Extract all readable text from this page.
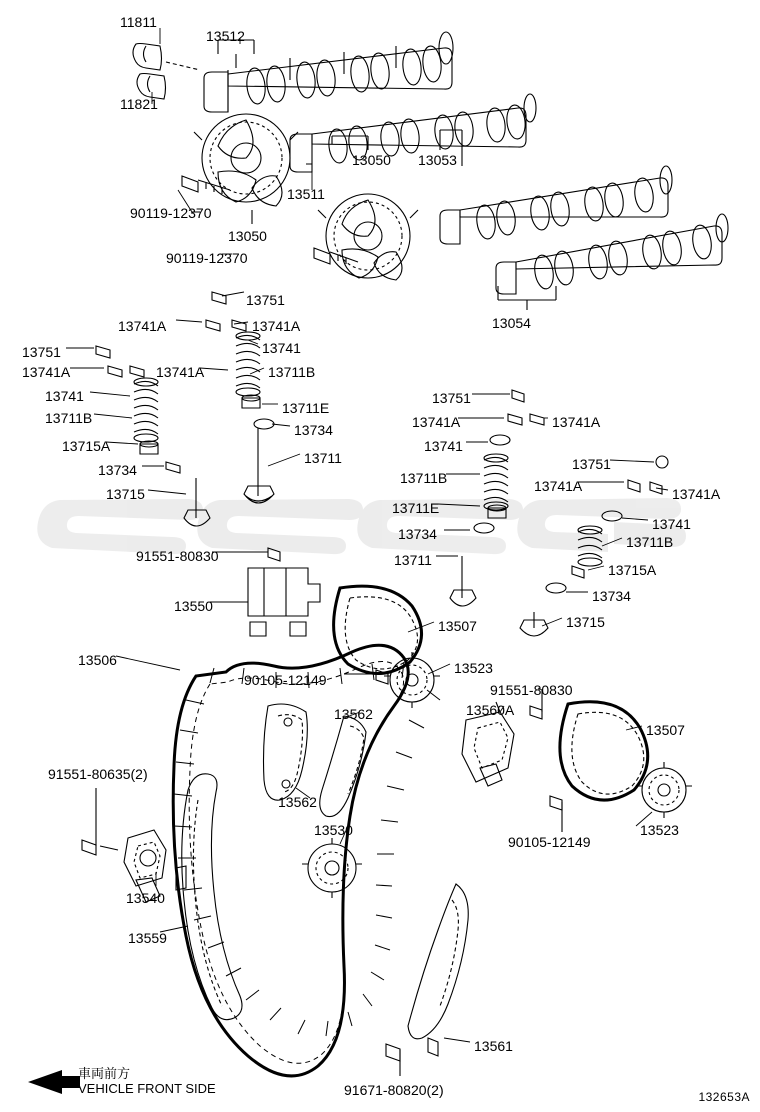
11811
13512
11821
13050 13053
13511
90119-12370
13050
90119-12370
13054
13751
13741A	13741A
13741
13751
13741A	13741A	13711B
13741
13711B
13711E
13734
13715A
13711
13734
13715
13751
13741A	13741A
13741
13751
13711B	13741A	13741A
13711E
13741
13734	13711B
13711
13715A
13734
91551-80830
13550
13507	13715
13506
90105-12149
13523
91551-80830
13562	13560A
13507
91551-80635(2)
13562
13530
90105-12149
13523
13540
13559
13561
91671-80820(2)
車両前方
VEHICLE FRONT SIDE
132653A
